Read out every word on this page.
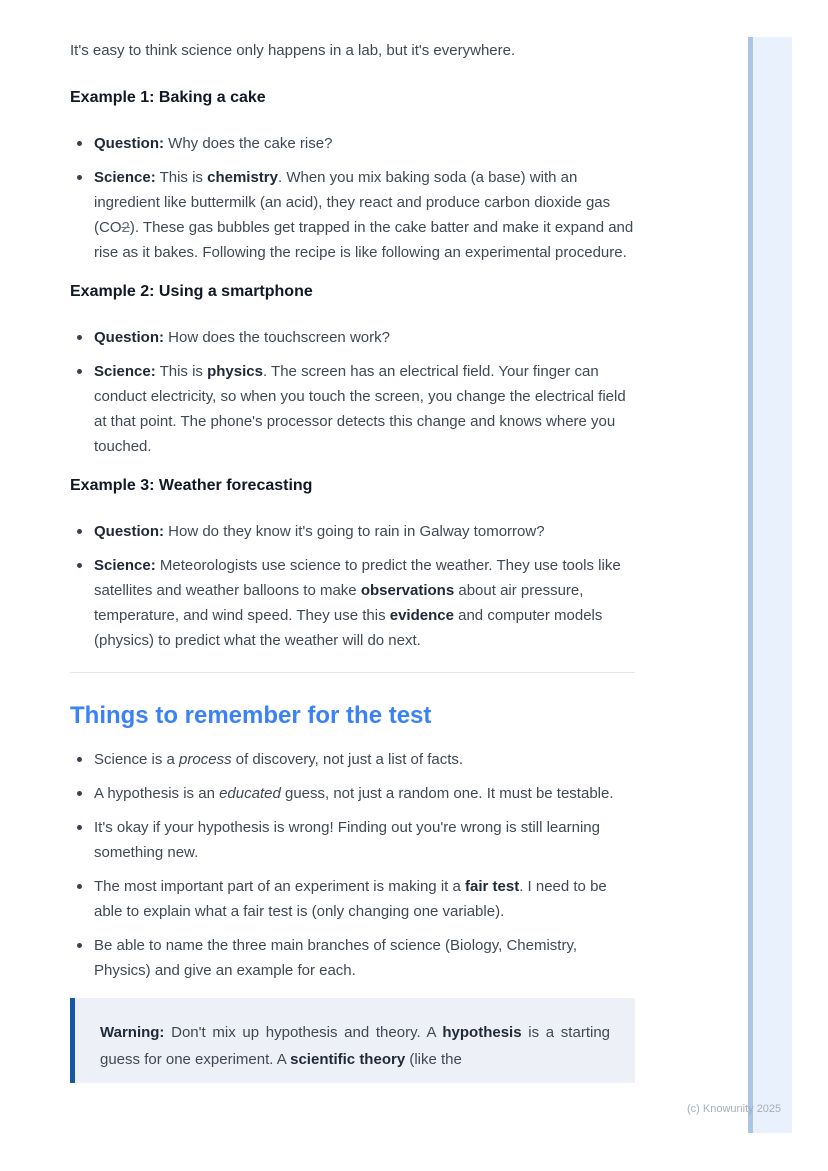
It's easy to think science only happens in a lab, but it's everywhere.

Example 1: Baking a cake
Question: Why does the cake rise?
Science: This is chemistry. When you mix baking soda (a base) with an ingredient like buttermilk (an acid), they react and produce carbon dioxide gas (CO2). These gas bubbles get trapped in the cake batter and make it expand and rise as it bakes. Following the recipe is like following an experimental procedure.
Example 2: Using a smartphone
Question: How does the touchscreen work?
Science: This is physics. The screen has an electrical field. Your finger can conduct electricity, so when you touch the screen, you change the electrical field at that point. The phone's processor detects this change and knows where you touched.
Example 3: Weather forecasting
Question: How do they know it's going to rain in Galway tomorrow?
Science: Meteorologists use science to predict the weather. They use tools like satellites and weather balloons to make observations about air pressure, temperature, and wind speed. They use this evidence and computer models (physics) to predict what the weather will do next.
Things to remember for the test
Science is a process of discovery, not just a list of facts.
A hypothesis is an educated guess, not just a random one. It must be testable.
It's okay if your hypothesis is wrong! Finding out you're wrong is still learning something new.
The most important part of an experiment is making it a fair test. I need to be able to explain what a fair test is (only changing one variable).
Be able to name the three main branches of science (Biology, Chemistry, Physics) and give an example for each.

Warning: Don't mix up hypothesis and theory. A hypothesis is a starting guess for one experiment. A scientific theory (like the

(c) Knowunity 2025
